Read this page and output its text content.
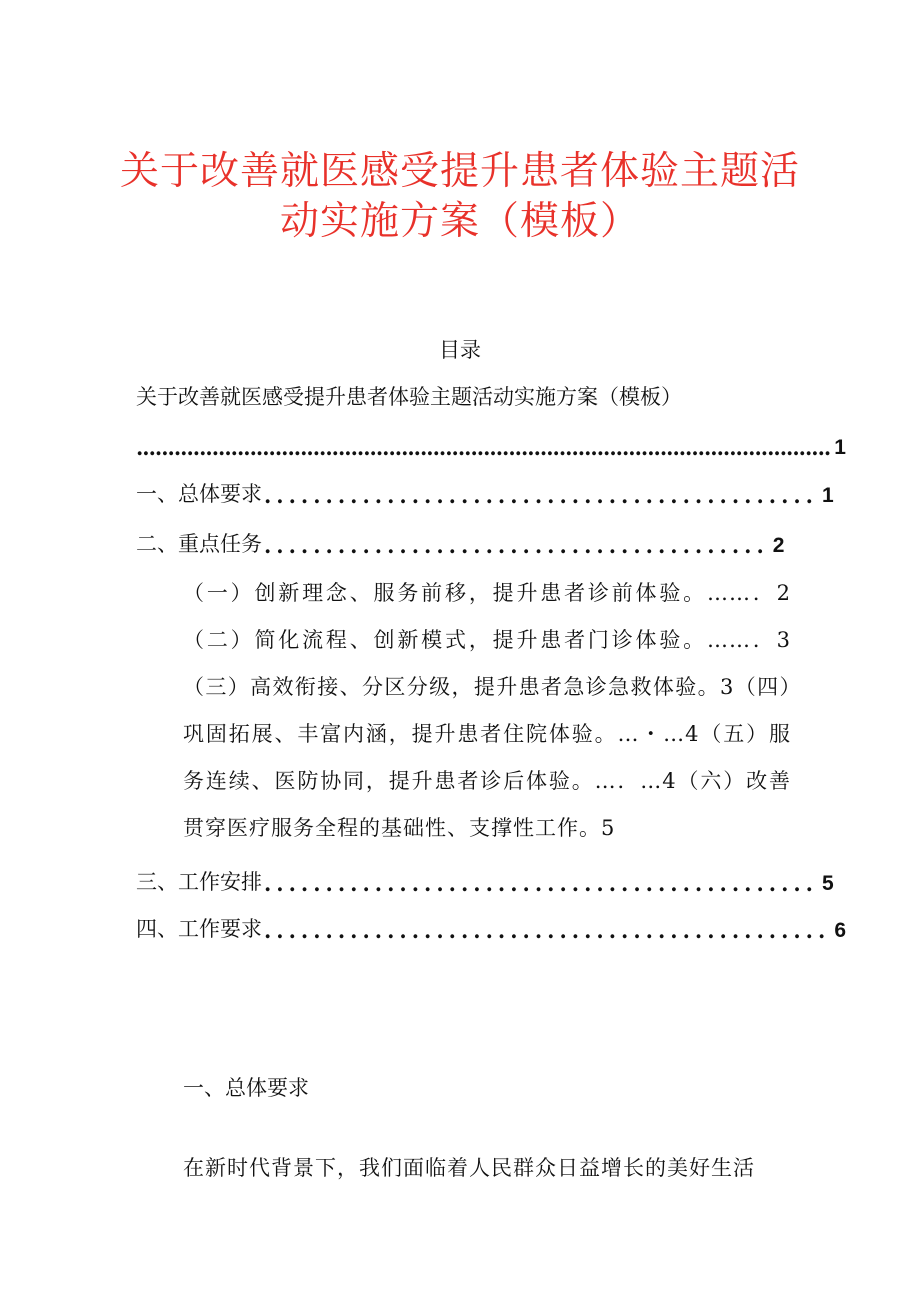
关于改善就医感受提升患者体验主题活
动实施方案（模板）
目录
关于改善就医感受提升患者体验主题活动实施方案（模板）
.............................................................................................................. 1
一、总体要求 ............................................. 1
二、重点任务 ......................................... 2
（一）创新理念、服务前移，提升患者诊前体验。……．2（二）简化流程、创新模式，提升患者门诊体验。……．3（三）高效衔接、分区分级，提升患者急诊急救体验。3（四）巩固拓展、丰富内涵，提升患者住院体验。…・…4（五）服务连续、医防协同，提升患者诊后体验。…．…4（六）改善贯穿医疗服务全程的基础性、支撑性工作。5
三、工作安排 ............................................. 5
四、工作要求 .............................................. 6
一、总体要求
在新时代背景下，我们面临着人民群众日益增长的美好生活
